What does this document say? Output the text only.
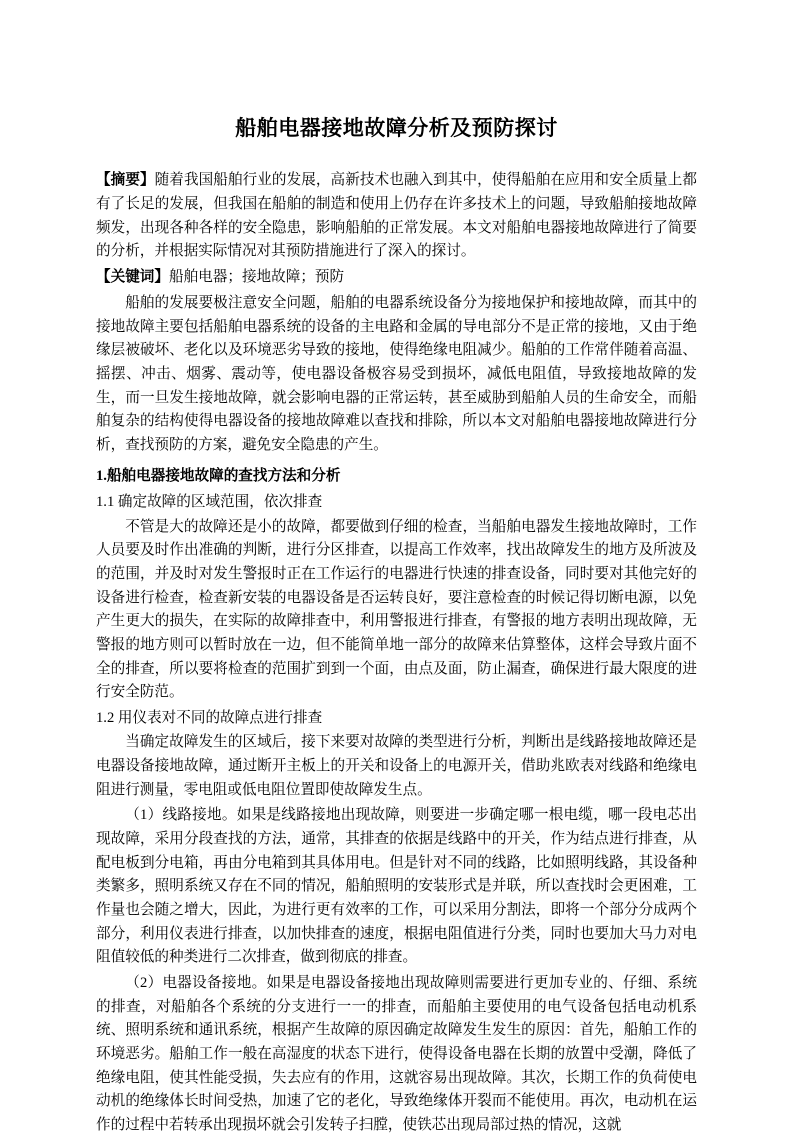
船舶电器接地故障分析及预防探讨

【摘要】随着我国船舶行业的发展，高新技术也融入到其中，使得船舶在应用和安全质量上都有了长足的发展，但我国在船舶的制造和使用上仍存在许多技术上的问题，导致船舶接地故障频发，出现各种各样的安全隐患，影响船舶的正常发展。本文对船舶电器接地故障进行了简要的分析，并根据实际情况对其预防措施进行了深入的探讨。

【关键词】船舶电器；接地故障；预防

船舶的发展要极注意安全问题，船舶的电器系统设备分为接地保护和接地故障，而其中的接地故障主要包括船舶电器系统的设备的主电路和金属的导电部分不是正常的接地，又由于绝缘层被破坏、老化以及环境恶劣导致的接地，使得绝缘电阻减少。船舶的工作常伴随着高温、摇摆、冲击、烟雾、震动等，使电器设备极容易受到损坏，减低电阻值，导致接地故障的发生，而一旦发生接地故障，就会影响电器的正常运转，甚至威胁到船舶人员的生命安全，而船舶复杂的结构使得电器设备的接地故障难以查找和排除，所以本文对船舶电器接地故障进行分析，查找预防的方案，避免安全隐患的产生。

1.船舶电器接地故障的查找方法和分析

1.1 确定故障的区域范围，依次排查

不管是大的故障还是小的故障，都要做到仔细的检查，当船舶电器发生接地故障时，工作人员要及时作出准确的判断，进行分区排查，以提高工作效率，找出故障发生的地方及所波及的范围，并及时对发生警报时正在工作运行的电器进行快速的排查设备，同时要对其他完好的设备进行检查，检查新安装的电器设备是否运转良好，要注意检查的时候记得切断电源，以免产生更大的损失，在实际的故障排查中，利用警报进行排查，有警报的地方表明出现故障，无警报的地方则可以暂时放在一边，但不能简单地一部分的故障来估算整体，这样会导致片面不全的排查，所以要将检查的范围扩到到一个面，由点及面，防止漏查，确保进行最大限度的进行安全防范。

1.2 用仪表对不同的故障点进行排查

当确定故障发生的区域后，接下来要对故障的类型进行分析，判断出是线路接地故障还是电器设备接地故障，通过断开主板上的开关和设备上的电源开关，借助兆欧表对线路和绝缘电阻进行测量，零电阻或低电阻位置即使故障发生点。

（1）线路接地。如果是线路接地出现故障，则要进一步确定哪一根电缆，哪一段电芯出现故障，采用分段查找的方法，通常，其排查的依据是线路中的开关，作为结点进行排查，从配电板到分电箱，再由分电箱到其具体用电。但是针对不同的线路，比如照明线路，其设备种类繁多，照明系统又存在不同的情况，船舶照明的安装形式是并联，所以查找时会更困难，工作量也会随之增大，因此，为进行更有效率的工作，可以采用分割法，即将一个部分分成两个部分，利用仪表进行排查，以加快排查的速度，根据电阻值进行分类，同时也要加大马力对电阻值较低的种类进行二次排查，做到彻底的排查。

（2）电器设备接地。如果是电器设备接地出现故障则需要进行更加专业的、仔细、系统的排查，对船舶各个系统的分支进行一一的排查，而船舶主要使用的电气设备包括电动机系统、照明系统和通讯系统，根据产生故障的原因确定故障发生发生的原因：首先，船舶工作的环境恶劣。船舶工作一般在高湿度的状态下进行，使得设备电器在长期的放置中受潮，降低了绝缘电阻，使其性能受损，失去应有的作用，这就容易出现故障。其次，长期工作的负荷使电动机的绝缘体长时间受热，加速了它的老化，导致绝缘体开裂而不能使用。再次，电动机在运作的过程中若转承出现损坏就会引发转子扫膛，使铁芯出现局部过热的情况，这就
